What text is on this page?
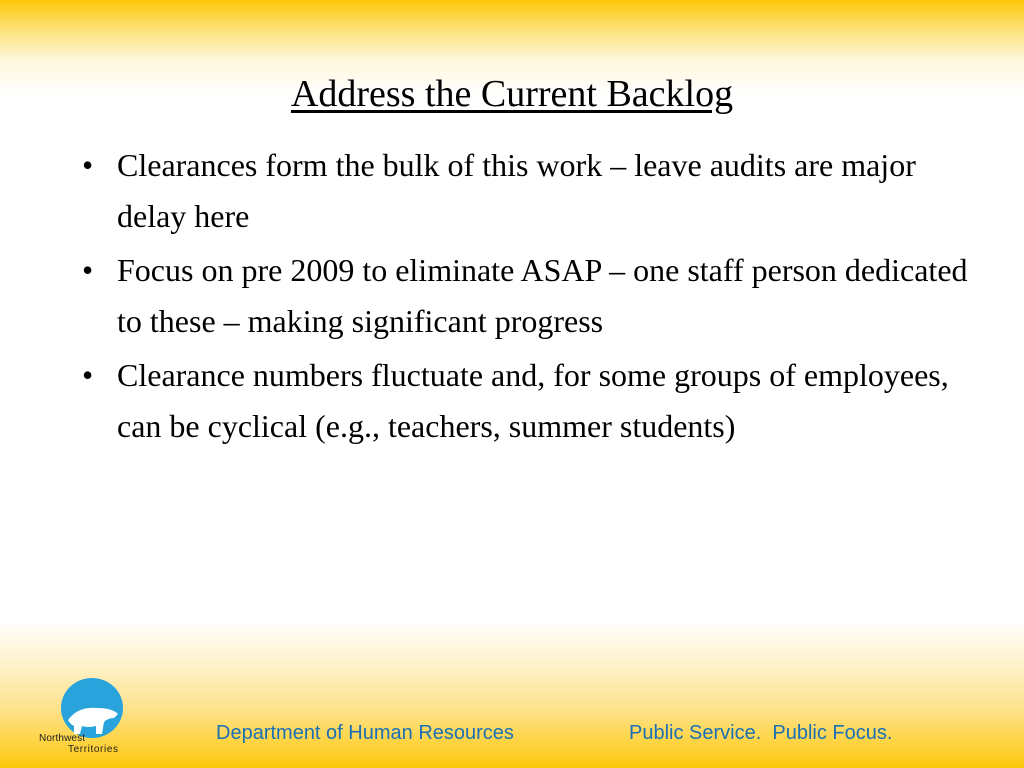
Address the Current Backlog
• Clearances form the bulk of this work – leave audits are major delay here
• Focus on pre 2009 to eliminate ASAP – one staff person dedicated to these – making significant progress
• Clearance numbers fluctuate and, for some groups of employees, can be cyclical (e.g., teachers, summer students)
Northwest
Territories
Department of Human Resources	Public Service.  Public Focus.
